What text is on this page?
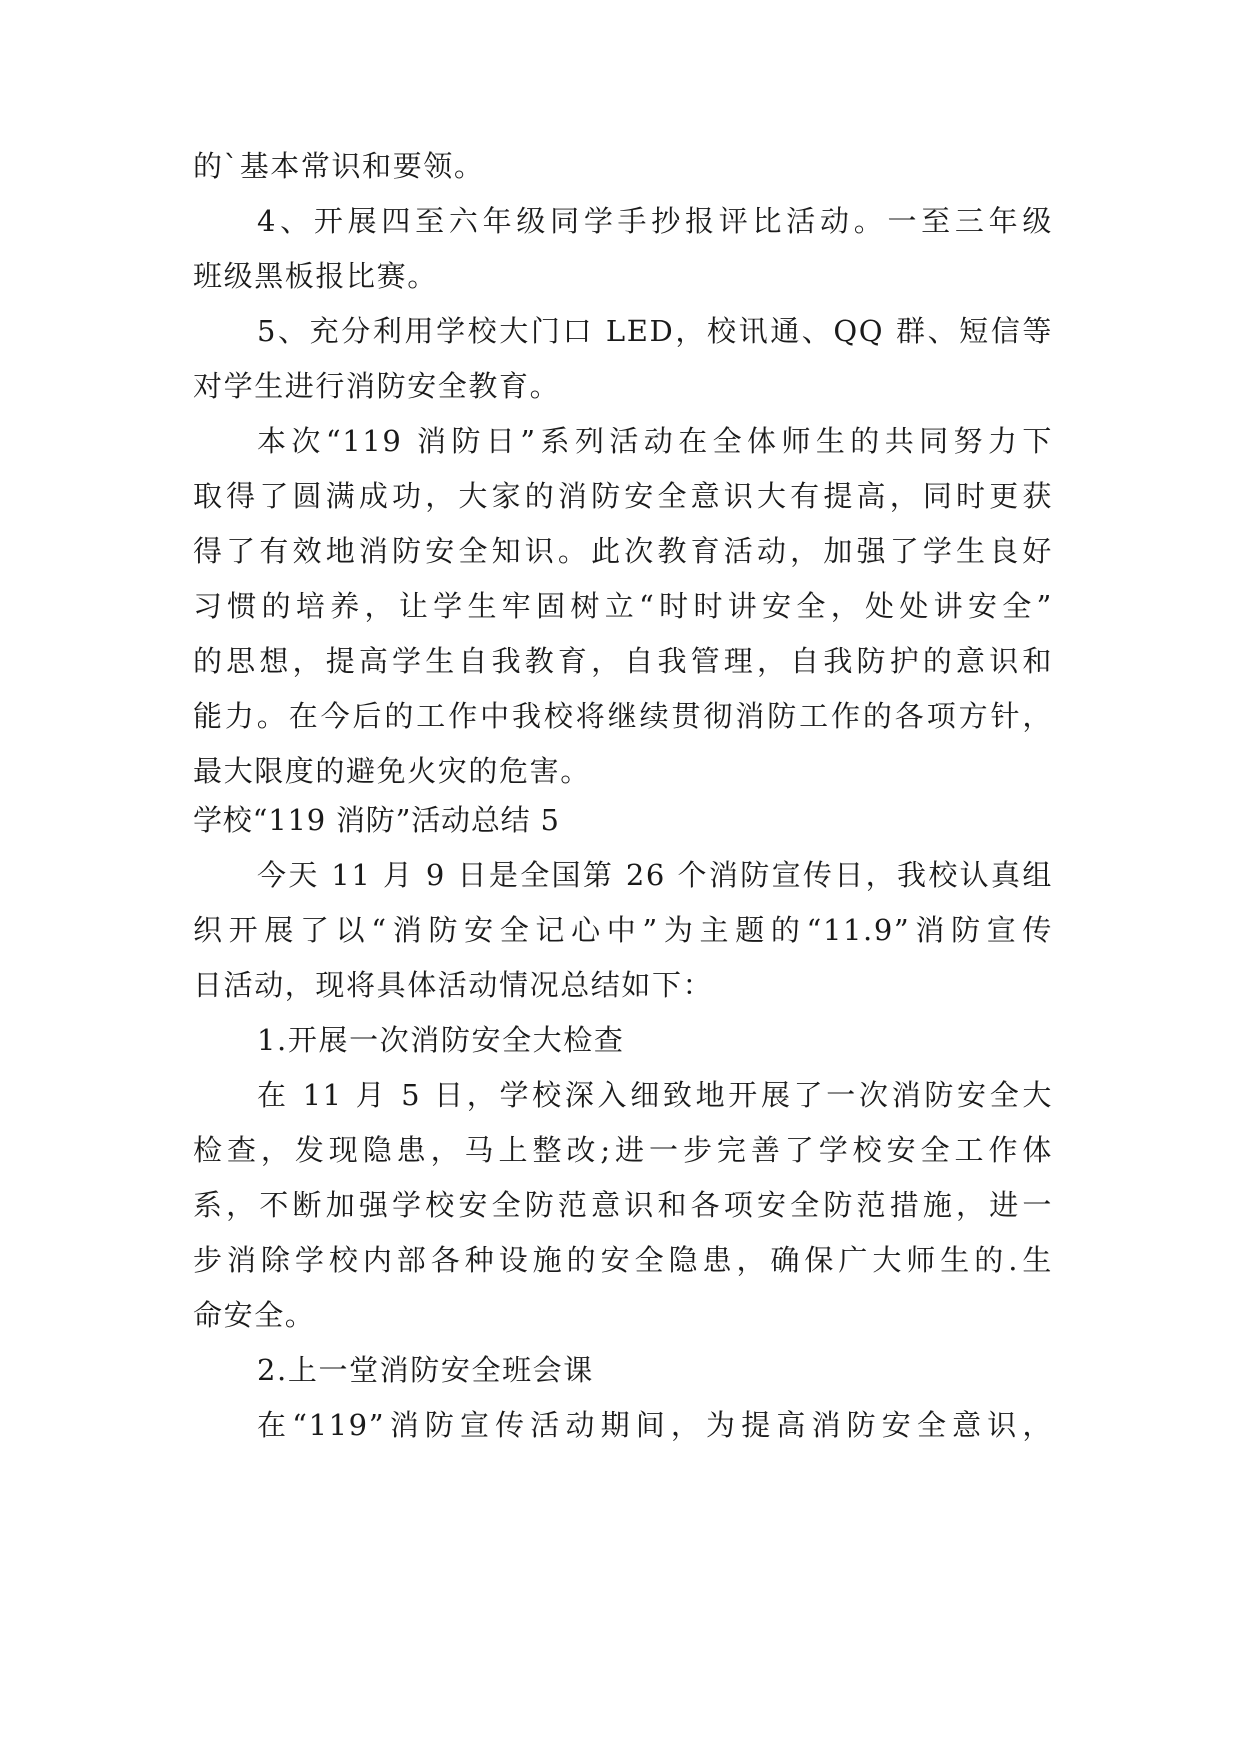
的`基本常识和要领。
4、开展四至六年级同学手抄报评比活动。一至三年级
班级黑板报比赛。
5、充分利用学校大门口 LED，校讯通、QQ 群、短信等
对学生进行消防安全教育。
本次“119 消防日”系列活动在全体师生的共同努力下
取得了圆满成功，大家的消防安全意识大有提高，同时更获
得了有效地消防安全知识。此次教育活动，加强了学生良好
习惯的培养，让学生牢固树立“时时讲安全，处处讲安全”
的思想，提高学生自我教育，自我管理，自我防护的意识和
能力。在今后的工作中我校将继续贯彻消防工作的各项方针，
最大限度的避免火灾的危害。
学校“119 消防”活动总结 5
今天 11 月 9 日是全国第 26 个消防宣传日，我校认真组
织开展了以“消防安全记心中”为主题的“11.9”消防宣传
日活动，现将具体活动情况总结如下：
1.开展一次消防安全大检查
在 11 月 5 日，学校深入细致地开展了一次消防安全大
检查，发现隐患，马上整改;进一步完善了学校安全工作体
系，不断加强学校安全防范意识和各项安全防范措施，进一
步消除学校内部各种设施的安全隐患，确保广大师生的.生
命安全。
2.上一堂消防安全班会课
在“119”消防宣传活动期间，为提高消防安全意识，
